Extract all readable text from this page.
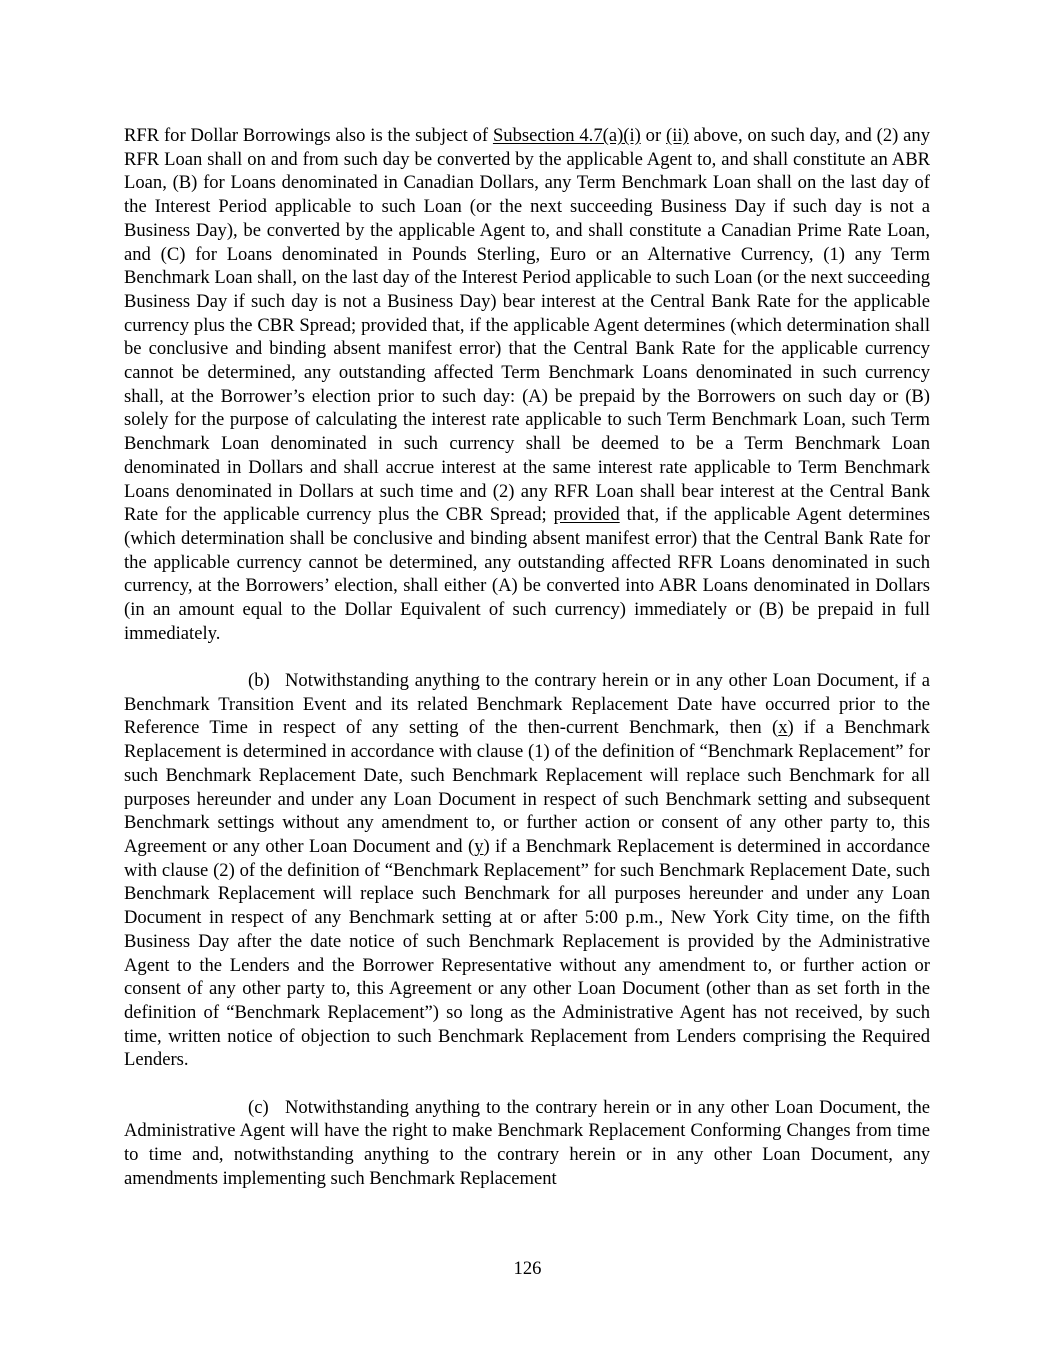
RFR for Dollar Borrowings also is the subject of Subsection 4.7(a)(i) or (ii) above, on such day, and (2) any RFR Loan shall on and from such day be converted by the applicable Agent to, and shall constitute an ABR Loan, (B) for Loans denominated in Canadian Dollars, any Term Benchmark Loan shall on the last day of the Interest Period applicable to such Loan (or the next succeeding Business Day if such day is not a Business Day), be converted by the applicable Agent to, and shall constitute a Canadian Prime Rate Loan, and (C) for Loans denominated in Pounds Sterling, Euro or an Alternative Currency, (1) any Term Benchmark Loan shall, on the last day of the Interest Period applicable to such Loan (or the next succeeding Business Day if such day is not a Business Day) bear interest at the Central Bank Rate for the applicable currency plus the CBR Spread; provided that, if the applicable Agent determines (which determination shall be conclusive and binding absent manifest error) that the Central Bank Rate for the applicable currency cannot be determined, any outstanding affected Term Benchmark Loans denominated in such currency shall, at the Borrower’s election prior to such day: (A) be prepaid by the Borrowers on such day or (B) solely for the purpose of calculating the interest rate applicable to such Term Benchmark Loan, such Term Benchmark Loan denominated in such currency shall be deemed to be a Term Benchmark Loan denominated in Dollars and shall accrue interest at the same interest rate applicable to Term Benchmark Loans denominated in Dollars at such time and (2) any RFR Loan shall bear interest at the Central Bank Rate for the applicable currency plus the CBR Spread; provided that, if the applicable Agent determines (which determination shall be conclusive and binding absent manifest error) that the Central Bank Rate for the applicable currency cannot be determined, any outstanding affected RFR Loans denominated in such currency, at the Borrowers’ election, shall either (A) be converted into ABR Loans denominated in Dollars (in an amount equal to the Dollar Equivalent of such currency) immediately or (B) be prepaid in full immediately.

(b) Notwithstanding anything to the contrary herein or in any other Loan Document, if a Benchmark Transition Event and its related Benchmark Replacement Date have occurred prior to the Reference Time in respect of any setting of the then-current Benchmark, then (x) if a Benchmark Replacement is determined in accordance with clause (1) of the definition of “Benchmark Replacement” for such Benchmark Replacement Date, such Benchmark Replacement will replace such Benchmark for all purposes hereunder and under any Loan Document in respect of such Benchmark setting and subsequent Benchmark settings without any amendment to, or further action or consent of any other party to, this Agreement or any other Loan Document and (y) if a Benchmark Replacement is determined in accordance with clause (2) of the definition of “Benchmark Replacement” for such Benchmark Replacement Date, such Benchmark Replacement will replace such Benchmark for all purposes hereunder and under any Loan Document in respect of any Benchmark setting at or after 5:00 p.m., New York City time, on the fifth Business Day after the date notice of such Benchmark Replacement is provided by the Administrative Agent to the Lenders and the Borrower Representative without any amendment to, or further action or consent of any other party to, this Agreement or any other Loan Document (other than as set forth in the definition of “Benchmark Replacement”) so long as the Administrative Agent has not received, by such time, written notice of objection to such Benchmark Replacement from Lenders comprising the Required Lenders.

(c) Notwithstanding anything to the contrary herein or in any other Loan Document, the Administrative Agent will have the right to make Benchmark Replacement Conforming Changes from time to time and, notwithstanding anything to the contrary herein or in any other Loan Document, any amendments implementing such Benchmark Replacement

126
